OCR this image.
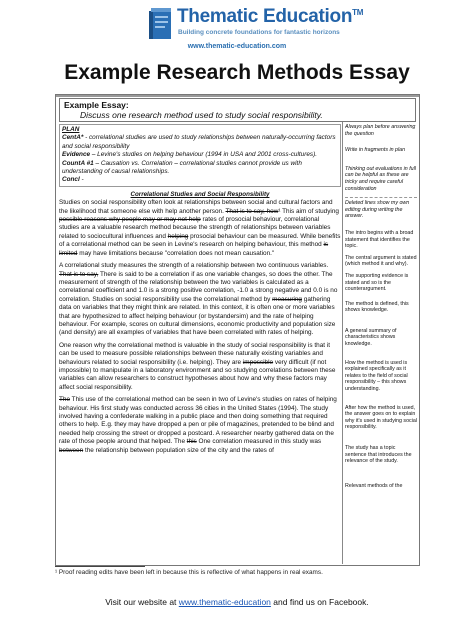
Thematic Education™
Building concrete foundations for fantastic horizons
www.thematic-education.com
Example Research Methods Essay
Example Essay:
Discuss one research method used to study social responsibility.
PLAN
CentA* - correlational studies are used to study relationships between naturally-occurring factors and social responsibility
Evidence – Levine's studies on helping behaviour (1994 in USA and 2001 cross-cultures).
CountA #1 – Causation vs. Correlation – correlational studies cannot provide us with understanding of causal relationships.
Concl -
Correlational Studies and Social Responsibility

Studies on social responsibility often look at relationships between social and cultural factors and the likelihood that someone else with help another person. That is to say, how¹ This aim of studying possible reasons why people may or may not help rates of prosocial behaviour, correlational studies are a valuable research method because the strength of relationships between variables related to sociocultural influences and helping prosocial behaviour can be measured. While benefits of a correlational method can be seen in Levine's research on helping behaviour, this method is limited may have limitations because "correlation does not mean causation."

A correlational study measures the strength of a relationship between two continuous variables. That is to say, There is said to be a correlation if as one variable changes, so does the other. The measurement of strength of the relationship between the two variables is calculated as a correlational coefficient and 1.0 is a strong positive correlation, -1.0 a strong negative and 0.0 is no correlation. Studies on social responsibility use the correlational method by measuring gathering data on variables that they might think are related. In this context, it is often one or more variables that are hypothesized to affect helping behaviour (or bystandersim) and the rate of helping behaviour. For example, scores on cultural dimensions, economic productivity and population size (and density) are all examples of variables that have been correlated with rates of helping.

One reason why the correlational method is valuable in the study of social responsibility is that it can be used to measure possible relationships between these naturally existing variables and behaviours related to social responsibility (i.e. helping). They are impossible very difficult (if not impossible) to manipulate in a laboratory environment and so studying correlations between these variables can allow researchers to construct hypotheses about how and why these factors may affect social responsibility.

The This use of the correlational method can be seen in two of Levine's studies on rates of helping behaviour. His first study was conducted across 36 cities in the United States (1994). The study involved having a confederate walking in a public place and then doing something that required others to help. E.g. they may have dropped a pen or pile of magazines, pretended to be blind and needed help crossing the street or dropped a postcard. A researcher nearby gathered data on the rate of those people around that helped. The this One correlation measured in this study was between the relationship between population size of the city and the rates of

Always plan before answering the question
Write in fragments in plan
Thinking out evaluations in full can be helpful as these are tricky and require careful consideration
Deleted lines show my own editing during writing the answer.
The intro begins with a broad statement that identifies the topic.
The central argument is stated (which method it and why).
The supporting evidence is stated and so is the counterargument.
The method is defined, this shows knowledge.
A general summary of characteristics shows knowledge.
How the method is used is explained specifically as it relates to the field of social responsibility – this shows understanding.
After how the method is used, the answer goes on to explain why it's used in studying social responsibility.
The study has a topic sentence that introduces the relevance of the study.
Relevant methods of the
¹ Proof reading edits have been left in because this is reflective of what happens in real exams.
Visit our website at www.thematic-education and find us on Facebook.
